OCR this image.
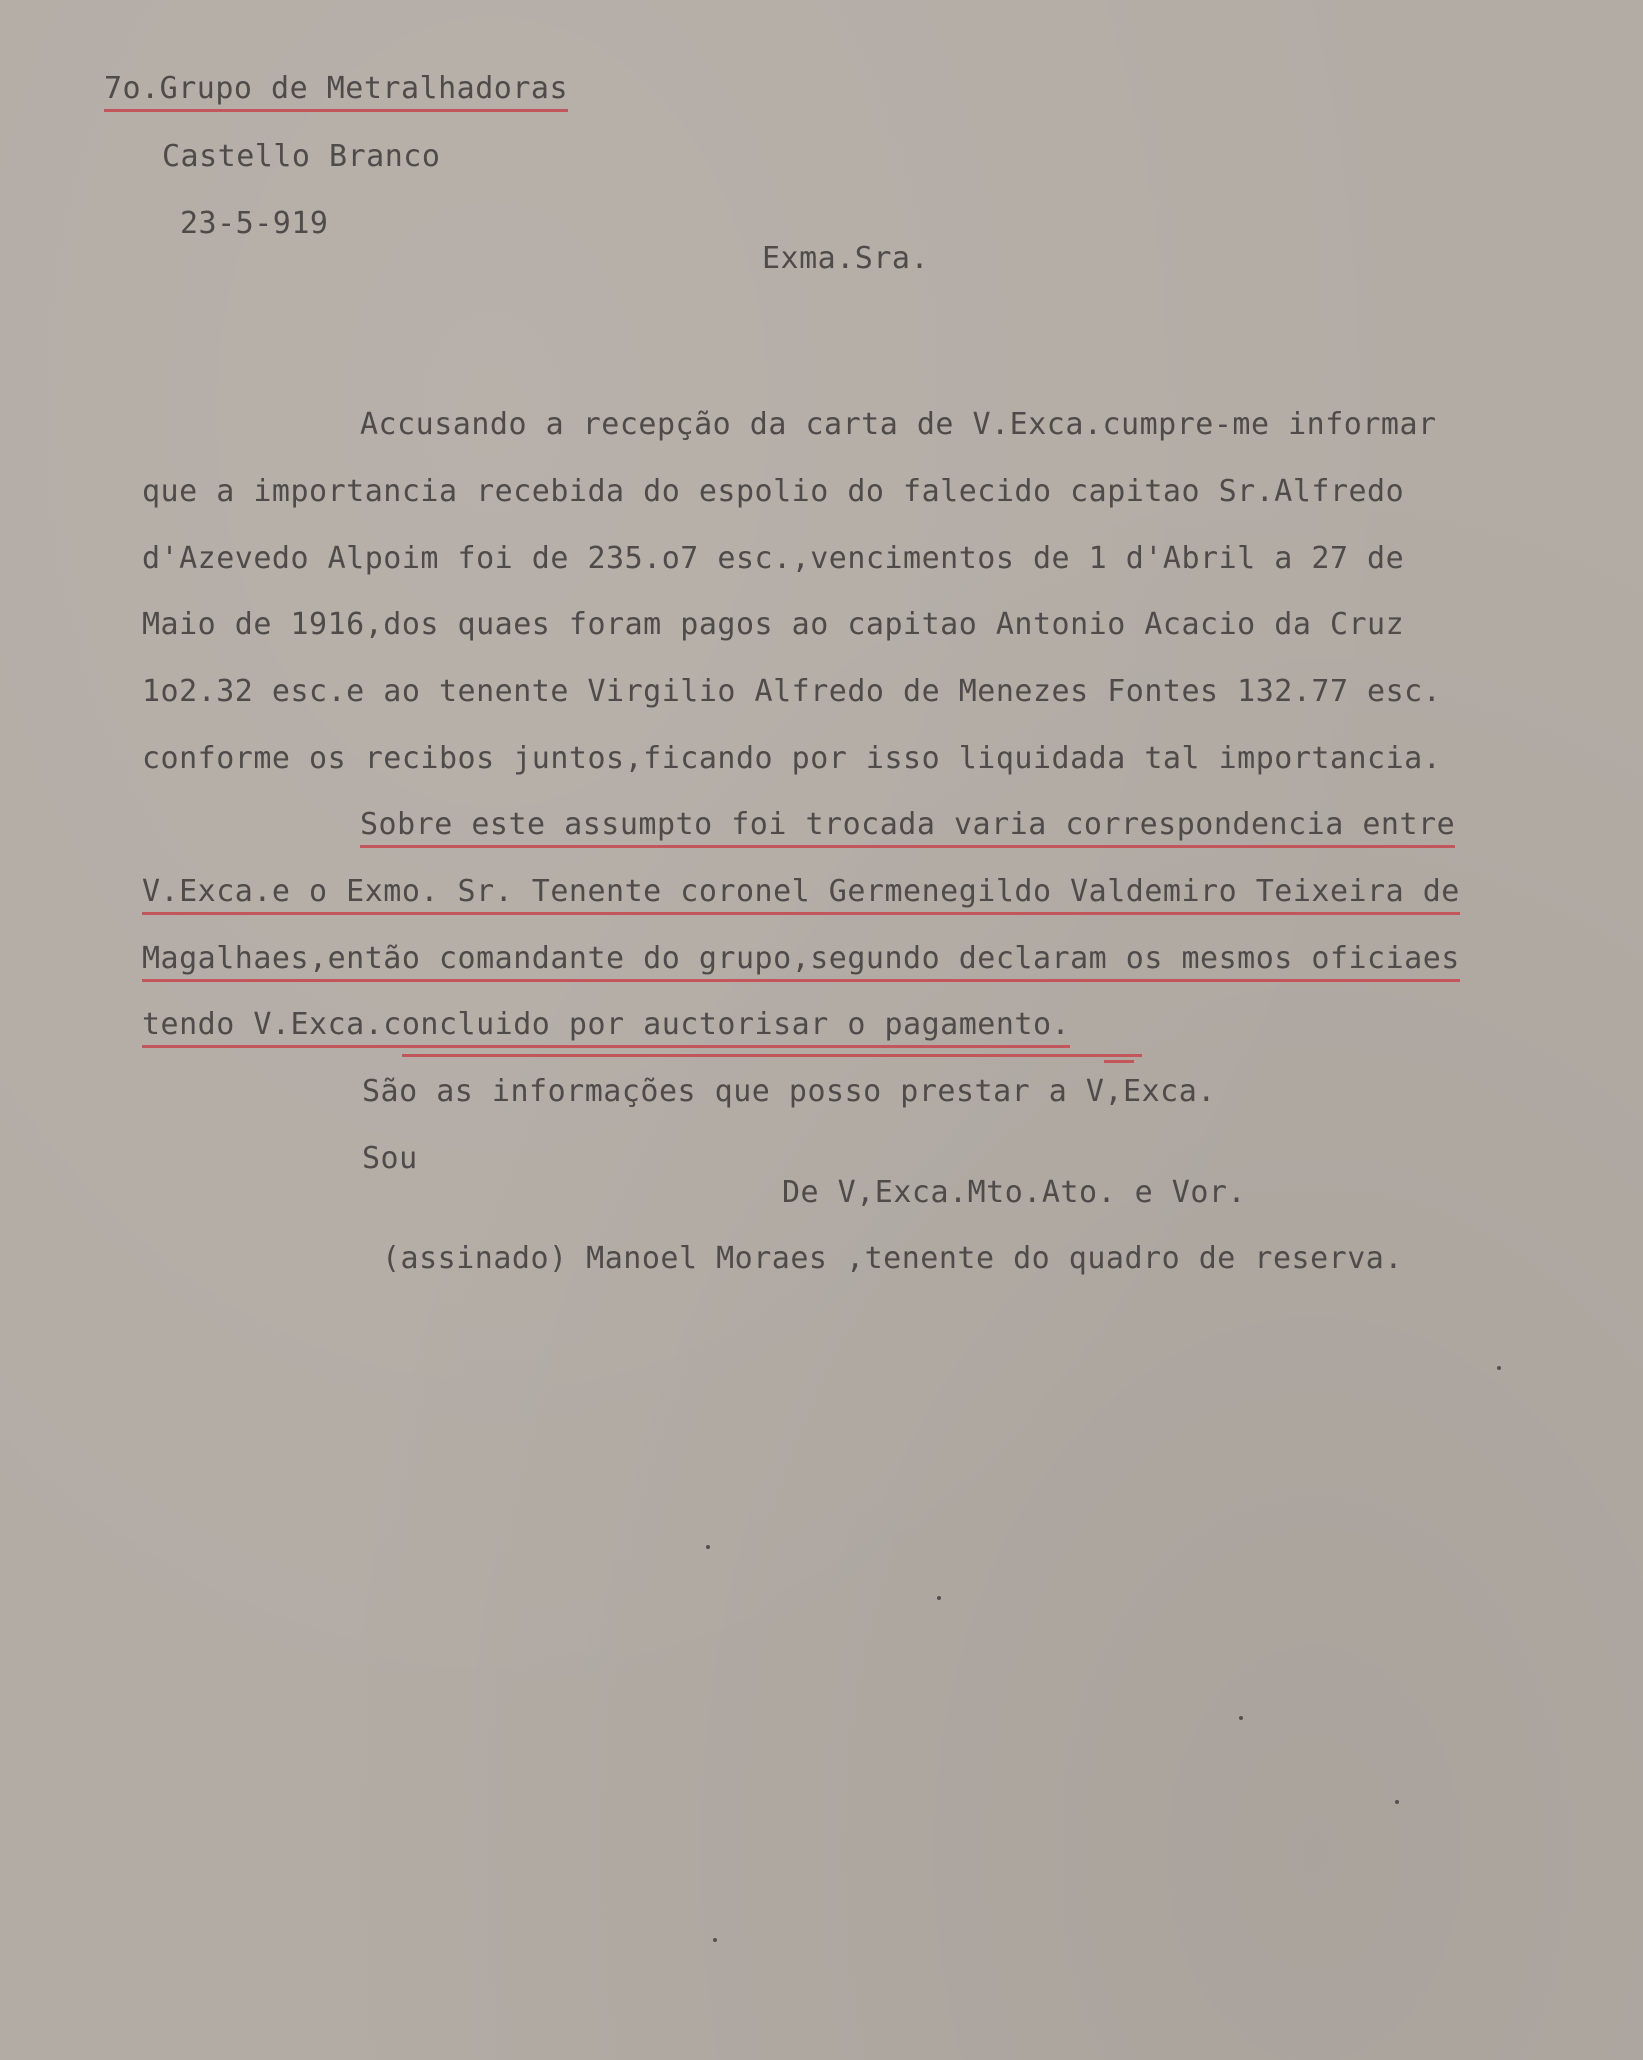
7o.Grupo de Metralhadoras
Castello Branco
23-5-919
Exma.Sra.
Accusando a recepção da carta de V.Exca.cumpre-me informar
que a importancia recebida do espolio do falecido capitao Sr.Alfredo
d'Azevedo Alpoim foi de 235.o7 esc.,vencimentos de 1 d'Abril a 27 de
Maio de 1916,dos quaes foram pagos ao capitao Antonio Acacio da Cruz
1o2.32 esc.e ao tenente Virgilio Alfredo de Menezes Fontes 132.77 esc.
conforme os recibos juntos,ficando por isso liquidada tal importancia.
Sobre este assumpto foi trocada varia correspondencia entre
V.Exca.e o Exmo. Sr. Tenente coronel Germenegildo Valdemiro Teixeira de
Magalhaes,então comandante do grupo,segundo declaram os mesmos oficiaes
tendo V.Exca.concluido por auctorisar o pagamento.
São as informações que posso prestar a V,Exca.
Sou
De V,Exca.Mto.Ato. e Vor.
(assinado) Manoel Moraes ,tenente do quadro de reserva.
